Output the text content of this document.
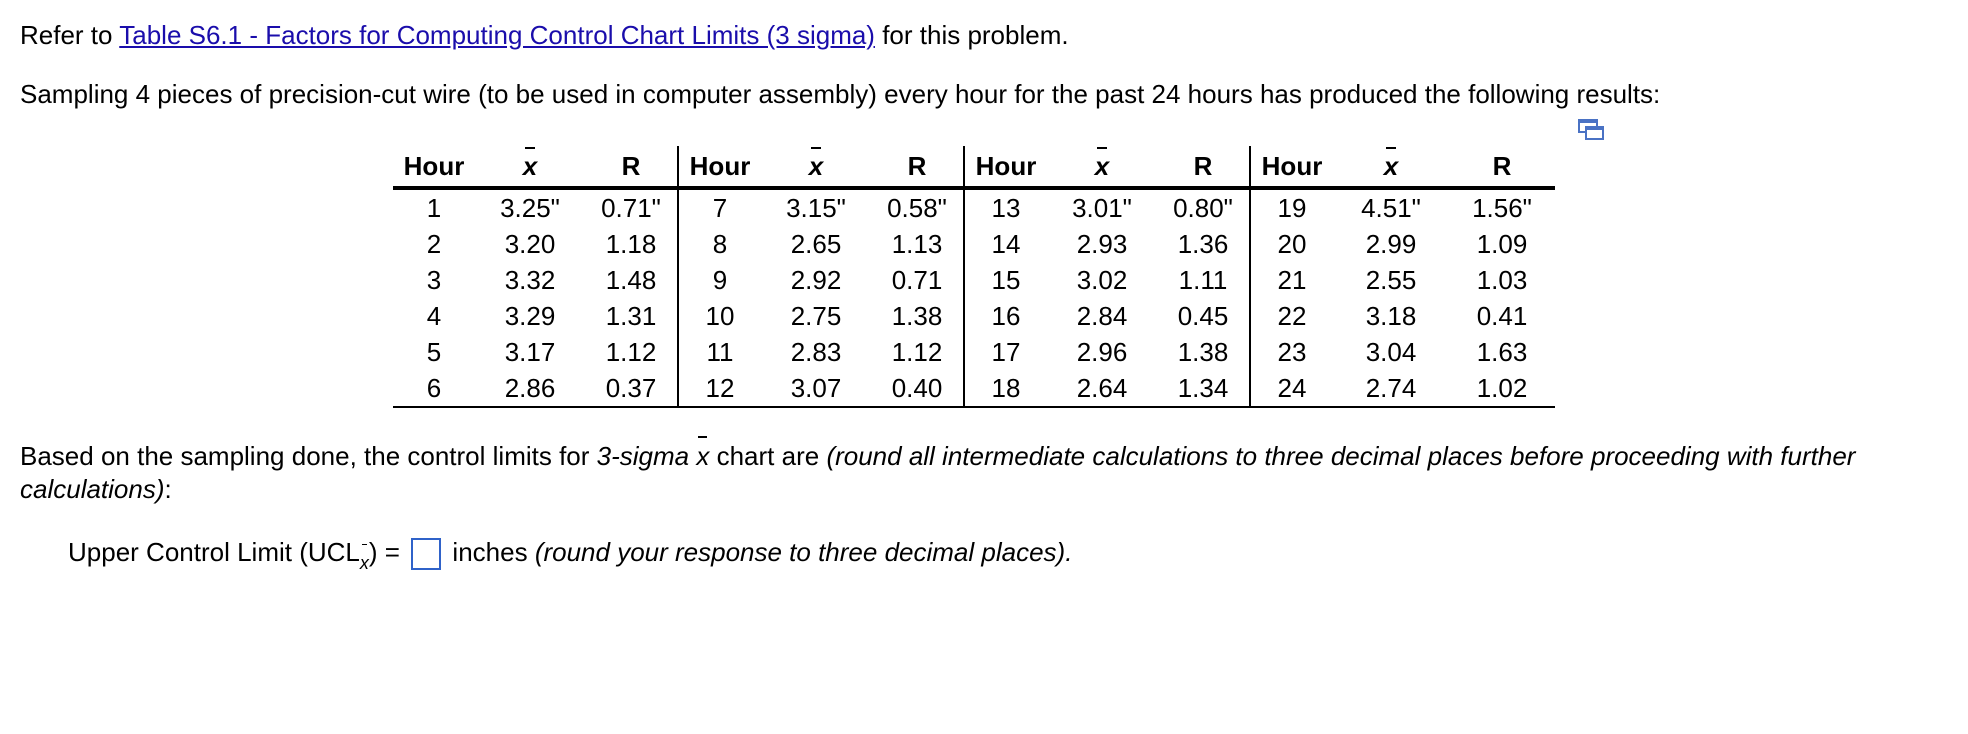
Refer to Table S6.1 - Factors for Computing Control Chart Limits (3 sigma) for this problem.
Sampling 4 pieces of precision-cut wire (to be used in computer assembly) every hour for the past 24 hours has produced the following results:
Hour	x	R	Hour	x	R	Hour	x	R	Hour	x	R
1	3.25"	0.71"	7	3.15"	0.58"	13	3.01"	0.80"	19	4.51"	1.56"
2	3.20	1.18	8	2.65	1.13	14	2.93	1.36	20	2.99	1.09
3	3.32	1.48	9	2.92	0.71	15	3.02	1.11	21	2.55	1.03
4	3.29	1.31	10	2.75	1.38	16	2.84	0.45	22	3.18	0.41
5	3.17	1.12	11	2.83	1.12	17	2.96	1.38	23	3.04	1.63
6	2.86	0.37	12	3.07	0.40	18	2.64	1.34	24	2.74	1.02
Based on the sampling done, the control limits for 3-sigma x chart are (round all intermediate calculations to three decimal places before proceeding with further calculations):
Upper Control Limit $(UCL_x)$ = inches (round your response to three decimal places).
